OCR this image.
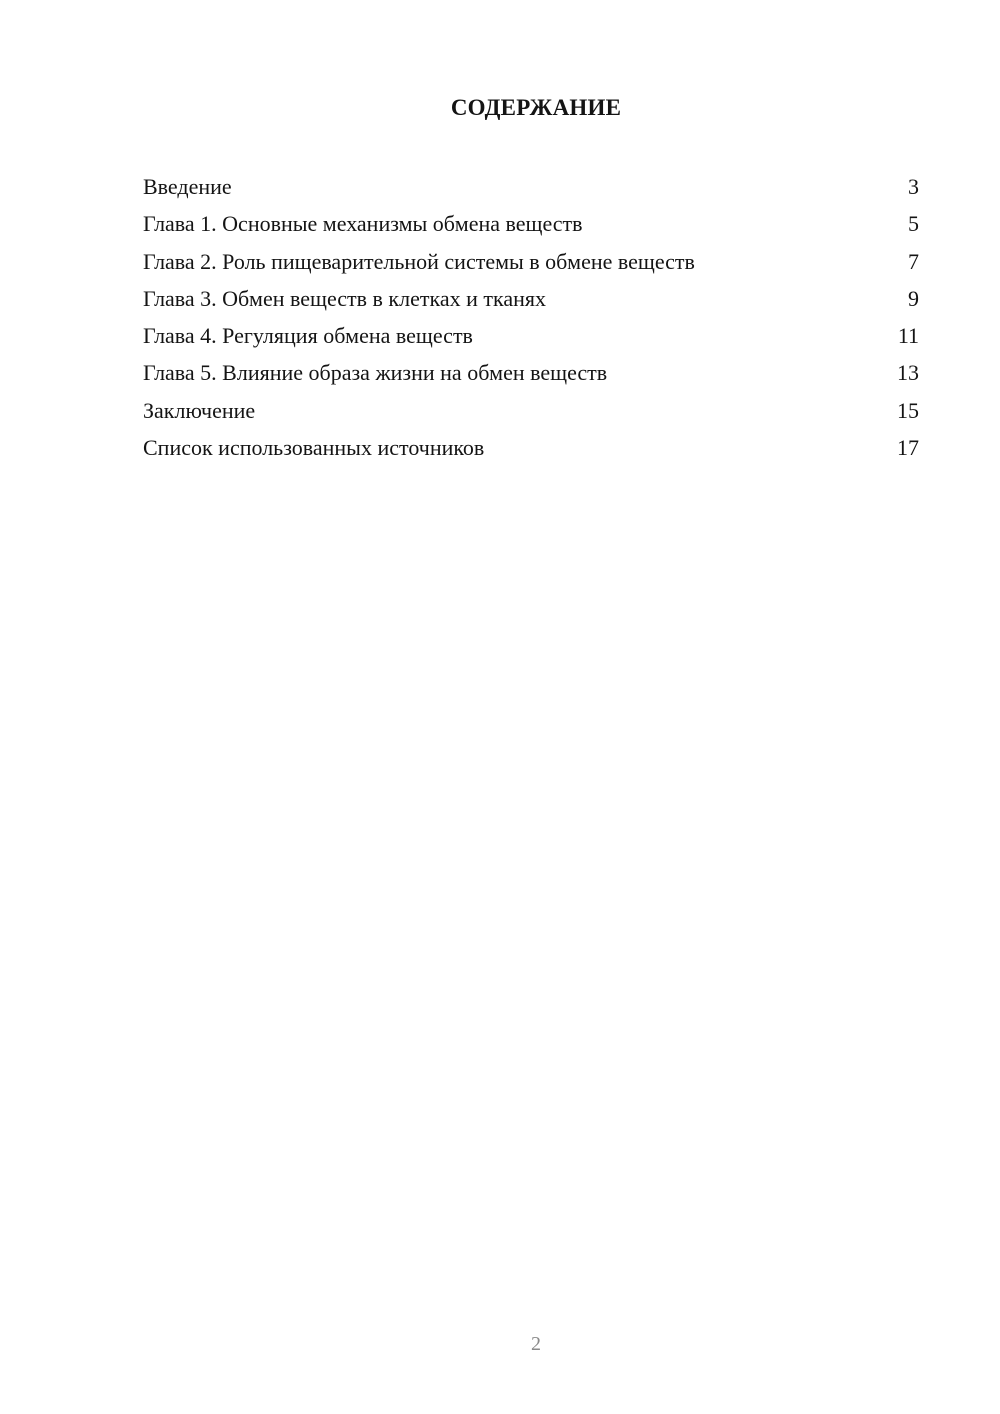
СОДЕРЖАНИЕ
Введение	3
Глава 1. Основные механизмы обмена веществ	5
Глава 2. Роль пищеварительной системы в обмене веществ	7
Глава 3. Обмен веществ в клетках и тканях	9
Глава 4. Регуляция обмена веществ	11
Глава 5. Влияние образа жизни на обмен веществ	13
Заключение	15
Список использованных источников	17
2
